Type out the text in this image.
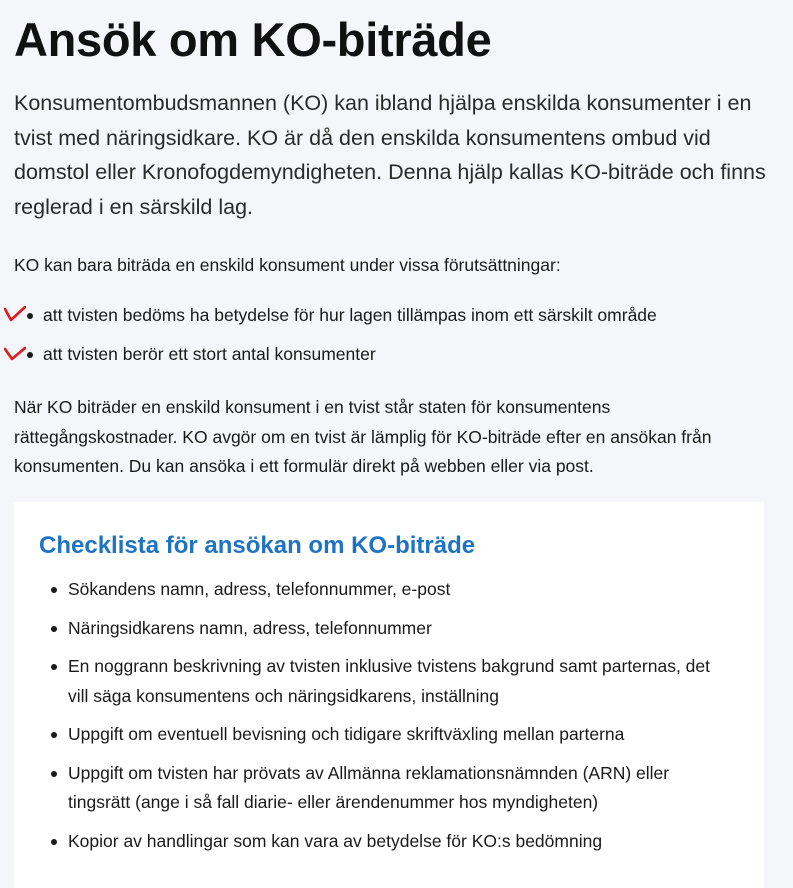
Ansök om KO-biträde

Konsumentombudsmannen (KO) kan ibland hjälpa enskilda konsumenter i en tvist med näringsidkare. KO är då den enskilda konsumentens ombud vid domstol eller Kronofogdemyndigheten. Denna hjälp kallas KO-biträde och finns reglerad i en särskild lag.

KO kan bara biträda en enskild konsument under vissa förutsättningar:

att tvisten bedöms ha betydelse för hur lagen tillämpas inom ett särskilt område
att tvisten berör ett stort antal konsumenter

När KO biträder en enskild konsument i en tvist står staten för konsumentens rättegångskostnader. KO avgör om en tvist är lämplig för KO-biträde efter en ansökan från konsumenten. Du kan ansöka i ett formulär direkt på webben eller via post.

Checklista för ansökan om KO-biträde
Sökandens namn, adress, telefonnummer, e-post
Näringsidkarens namn, adress, telefonnummer
En noggrann beskrivning av tvisten inklusive tvistens bakgrund samt parternas, det vill säga konsumentens och näringsidkarens, inställning
Uppgift om eventuell bevisning och tidigare skriftväxling mellan parterna
Uppgift om tvisten har prövats av Allmänna reklamationsnämnden (ARN) eller tingsrätt (ange i så fall diarie- eller ärendenummer hos myndigheten)
Kopior av handlingar som kan vara av betydelse för KO:s bedömning
